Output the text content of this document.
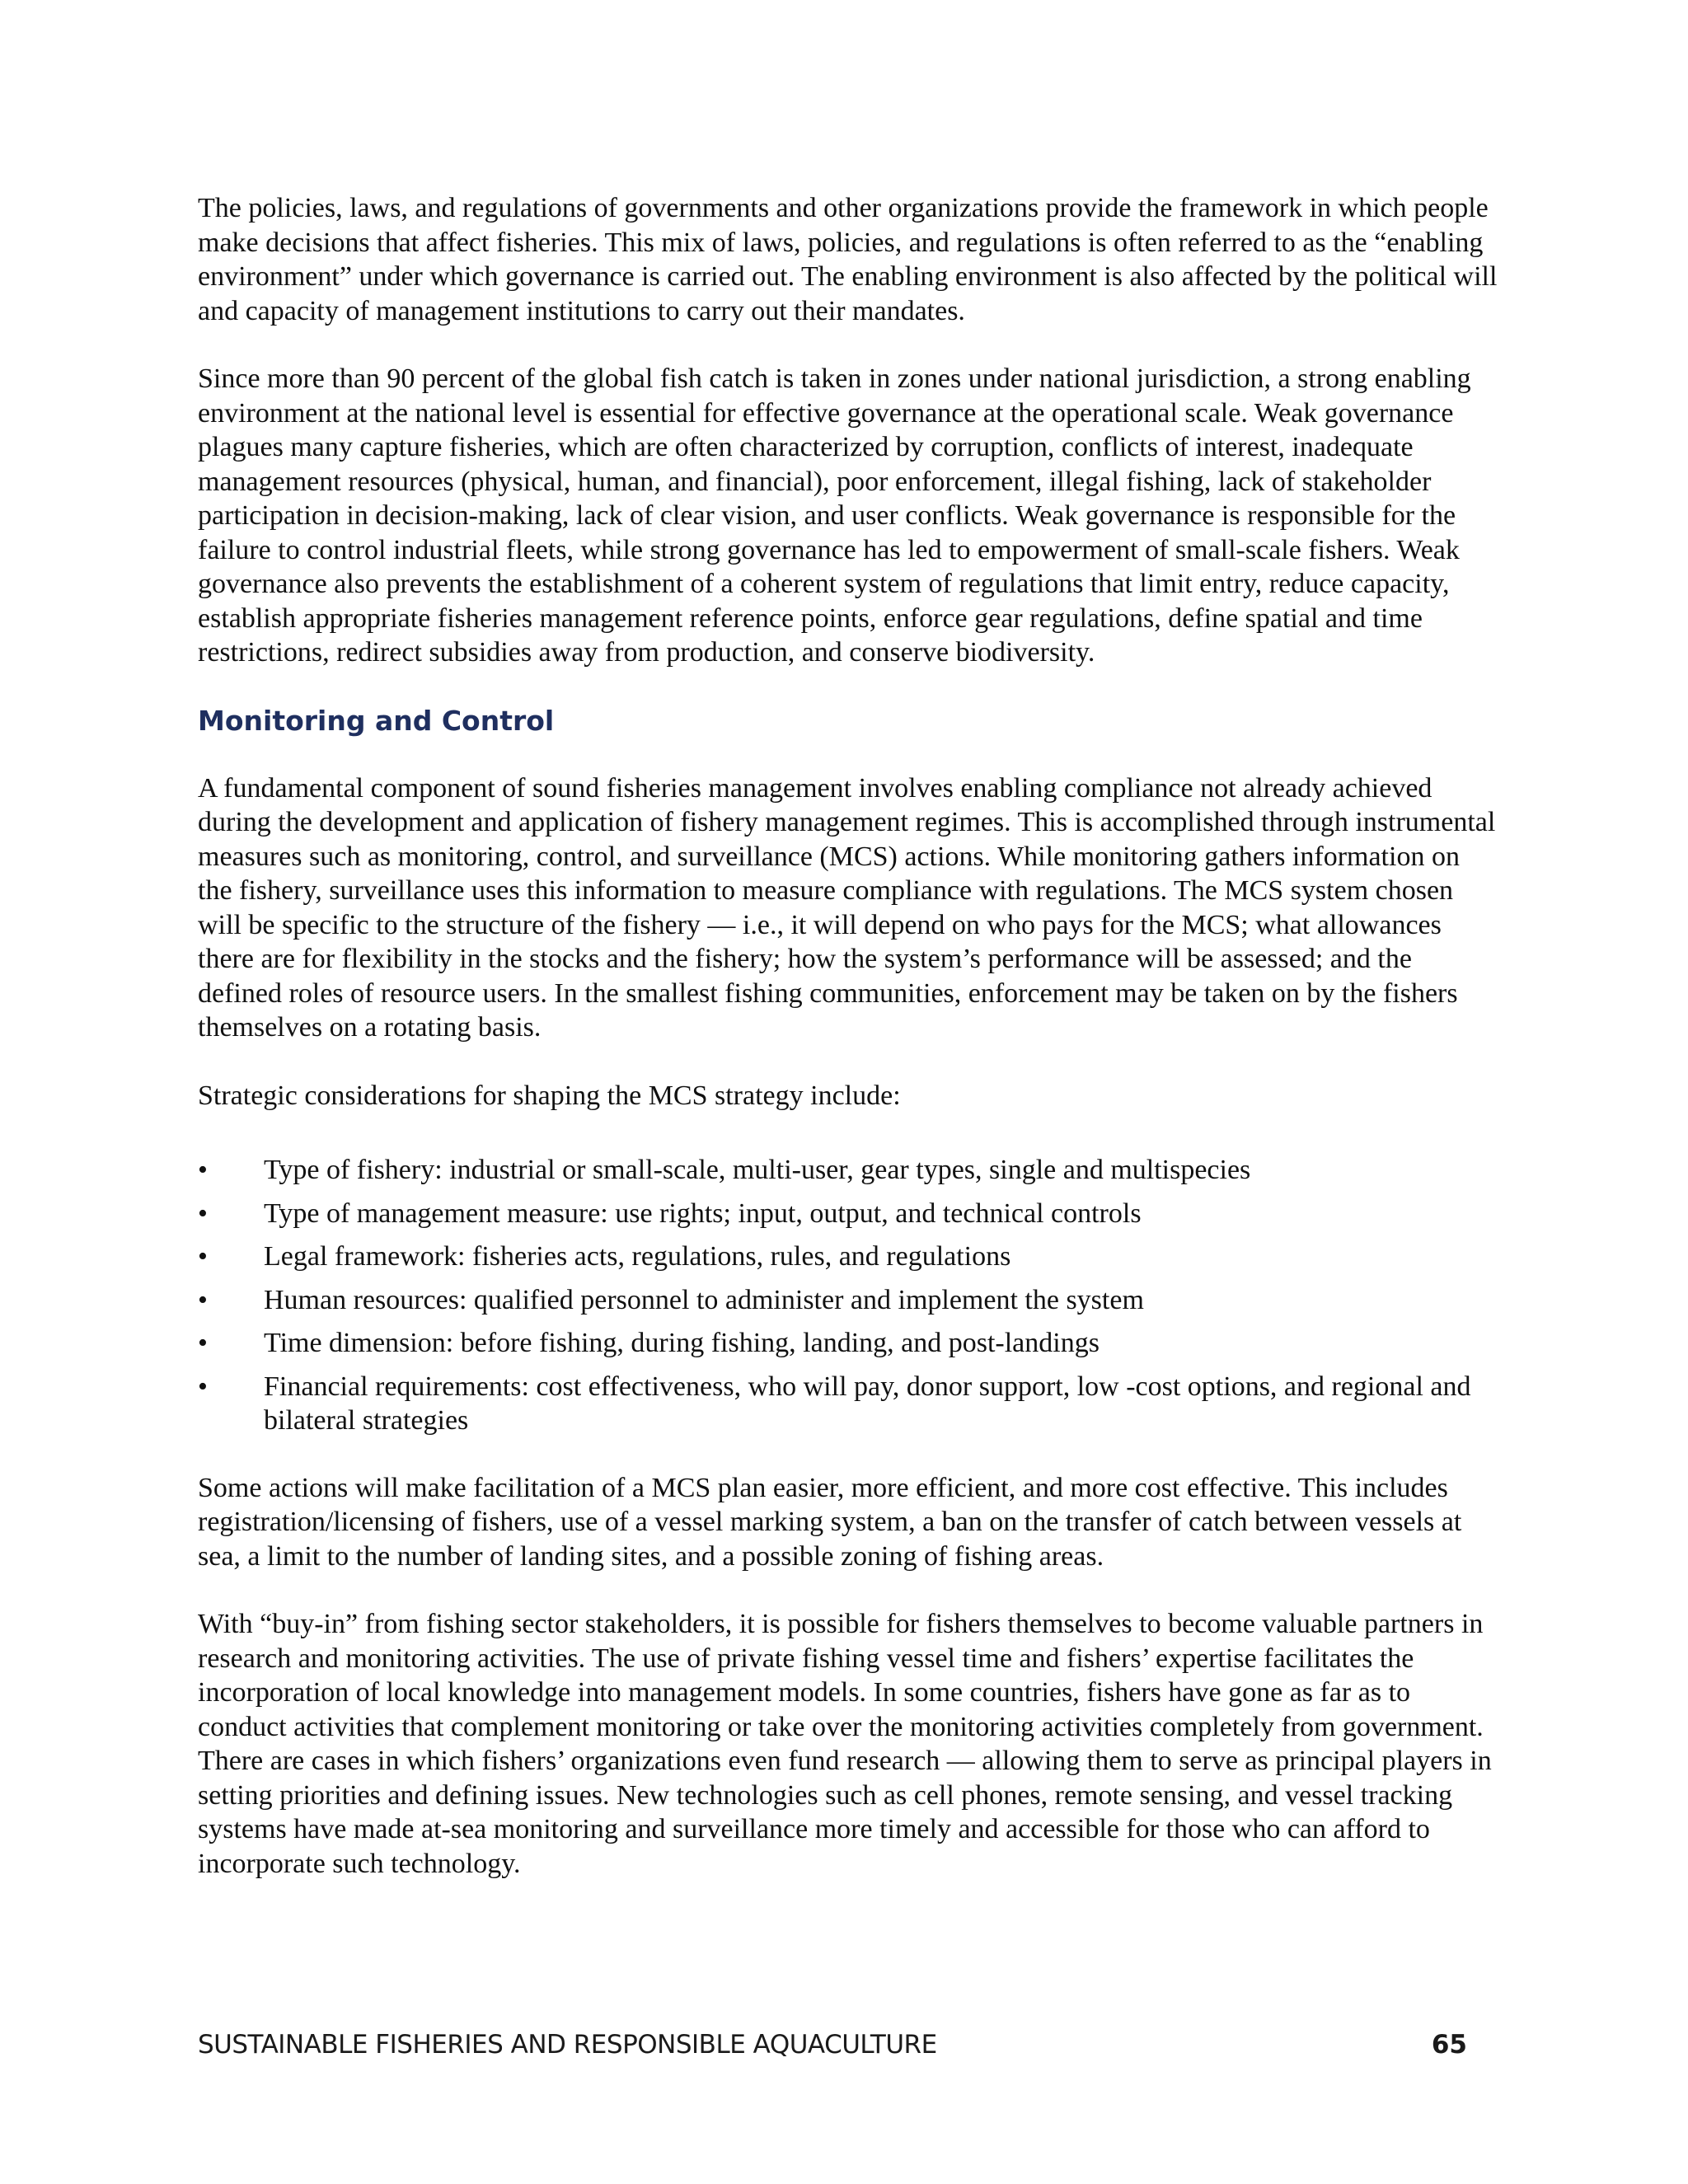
The policies, laws, and regulations of governments and other organizations provide the framework in which people make decisions that affect fisheries. This mix of laws, policies, and regulations is often referred to as the “enabling environment” under which governance is carried out. The enabling environment is also affected by the political will and capacity of management institutions to carry out their mandates.

Since more than 90 percent of the global fish catch is taken in zones under national jurisdiction, a strong enabling environment at the national level is essential for effective governance at the operational scale. Weak governance plagues many capture fisheries, which are often characterized by corruption, conflicts of interest, inadequate management resources (physical, human, and financial), poor enforcement, illegal fishing, lack of stakeholder participation in decision-making, lack of clear vision, and user conflicts. Weak governance is responsible for the failure to control industrial fleets, while strong governance has led to empowerment of small-scale fishers. Weak governance also prevents the establishment of a coherent system of regulations that limit entry, reduce capacity, establish appropriate fisheries management reference points, enforce gear regulations, define spatial and time restrictions, redirect subsidies away from production, and conserve biodiversity.

Monitoring and Control

A fundamental component of sound fisheries management involves enabling compliance not already achieved during the development and application of fishery management regimes. This is accomplished through instrumental measures such as monitoring, control, and surveillance (MCS) actions. While monitoring gathers information on the fishery, surveillance uses this information to measure compliance with regulations. The MCS system chosen will be specific to the structure of the fishery — i.e., it will depend on who pays for the MCS; what allowances there are for flexibility in the stocks and the fishery; how the system’s performance will be assessed; and the defined roles of resource users. In the smallest fishing communities, enforcement may be taken on by the fishers themselves on a rotating basis.

Strategic considerations for shaping the MCS strategy include:

• Type of fishery: industrial or small-scale, multi-user, gear types, single and multispecies
• Type of management measure: use rights; input, output, and technical controls
• Legal framework: fisheries acts, regulations, rules, and regulations
• Human resources: qualified personnel to administer and implement the system
• Time dimension: before fishing, during fishing, landing, and post-landings
• Financial requirements: cost effectiveness, who will pay, donor support, low -cost options, and regional and bilateral strategies

Some actions will make facilitation of a MCS plan easier, more efficient, and more cost effective. This includes registration/licensing of fishers, use of a vessel marking system, a ban on the transfer of catch between vessels at sea, a limit to the number of landing sites, and a possible zoning of fishing areas.

With “buy-in” from fishing sector stakeholders, it is possible for fishers themselves to become valuable partners in research and monitoring activities. The use of private fishing vessel time and fishers’ expertise facilitates the incorporation of local knowledge into management models. In some countries, fishers have gone as far as to conduct activities that complement monitoring or take over the monitoring activities completely from government. There are cases in which fishers’ organizations even fund research — allowing them to serve as principal players in setting priorities and defining issues. New technologies such as cell phones, remote sensing, and vessel tracking systems have made at-sea monitoring and surveillance more timely and accessible for those who can afford to incorporate such technology.

SUSTAINABLE FISHERIES AND RESPONSIBLE AQUACULTURE	65
